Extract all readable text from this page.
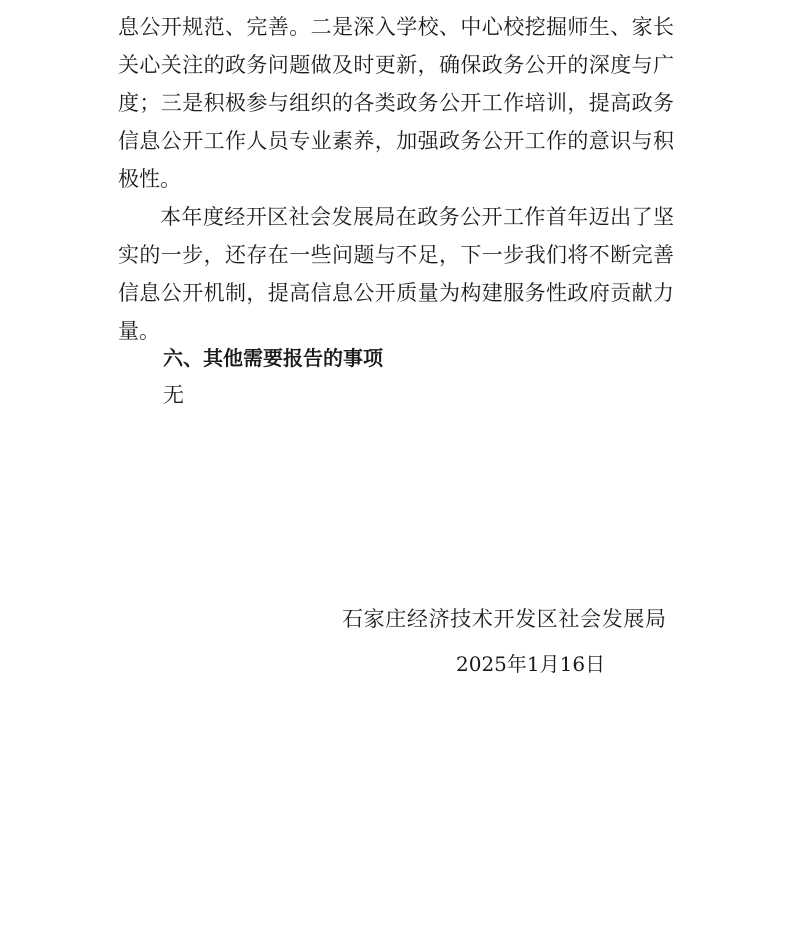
息公开规范、完善。二是深入学校、中心校挖掘师生、家长
关心关注的政务问题做及时更新，确保政务公开的深度与广
度；三是积极参与组织的各类政务公开工作培训，提高政务
信息公开工作人员专业素养，加强政务公开工作的意识与积
极性。
本年度经开区社会发展局在政务公开工作首年迈出了坚
实的一步，还存在一些问题与不足，下一步我们将不断完善
信息公开机制，提高信息公开质量为构建服务性政府贡献力
量。
六、其他需要报告的事项
无
石家庄经济技术开发区社会发展局
2025年1月16日
